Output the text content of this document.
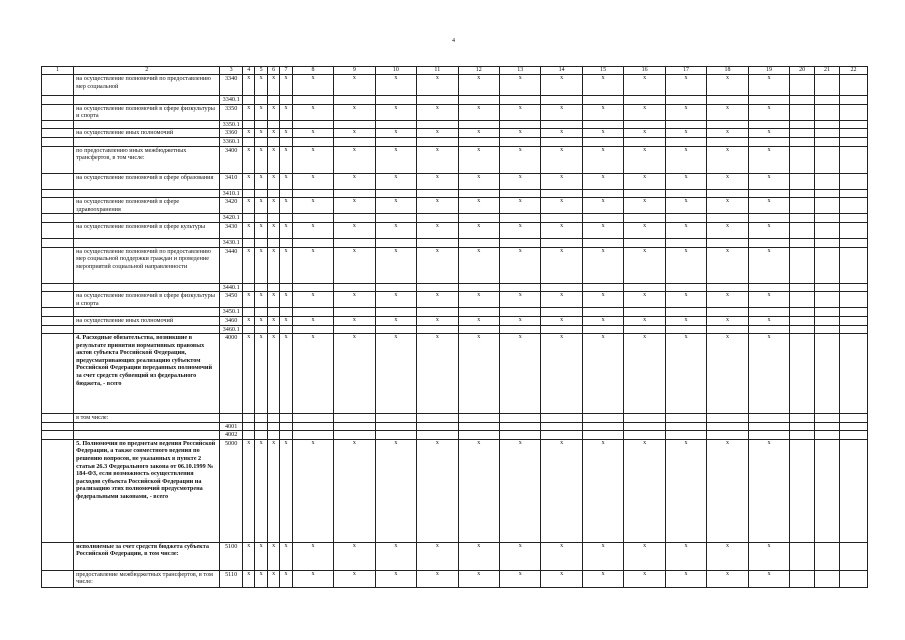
4
1	2	3	4	5	6	7	8	9	10	11	12	13	14	15	16	17	18	19	20	21	22
	на осуществление полномочий по предоставлению мер социальной	3340	x	x	x	x	x	x	x	x	x	x	x	x	x	x	x	x			
		3340.1																			
	на осуществление полномочий в сфере физкультуры и спорта	3350	x	x	x	x	x	x	x	x	x	x	x	x	x	x	x	x			
		3350.1																			
	на осуществление иных полномочий	3360	x	x	x	x	x	x	x	x	x	x	x	x	x	x	x	x			
		3360.1																			
	по предоставлению иных межбюджетных трансфертов, в том числе:	3400	x	x	x	x	x	x	x	x	x	x	x	x	x	x	x	x			
	на осуществление полномочий в сфере образования	3410	x	x	x	x	x	x	x	x	x	x	x	x	x	x	x	x			
		3410.1																			
	на осуществление полномочий в сфере здравоохранения	3420	x	x	x	x	x	x	x	x	x	x	x	x	x	x	x	x			
		3420.1																			
	на осуществление полномочий в сфере культуры	3430	x	x	x	x	x	x	x	x	x	x	x	x	x	x	x	x			
		3430.1																			
	на осуществление полномочий по предоставлению мер социальной поддержки граждан и проведение мероприятий социальной направленности	3440	x	x	x	x	x	x	x	x	x	x	x	x	x	x	x	x			
		3440.1																			
	на осуществление полномочий в сфере физкультуры и спорта	3450	x	x	x	x	x	x	x	x	x	x	x	x	x	x	x	x			
		3450.1																			
	на осуществление иных полномочий	3460	x	x	x	x	x	x	x	x	x	x	x	x	x	x	x	x			
		3460.1																			
	4. Расходные обязательства, возникшие в результате принятия нормативных правовых актов субъекта Российской Федерации, предусматривающих реализацию субъектом Российской Федерации переданных полномочий за счет средств субвенций из федерального бюджета, - всего	4000	x	x	x	x	x	x	x	x	x	x	x	x	x	x	x	x			
	в том числе:																				
		4001																			
		4002																			
	5. Полномочия по предметам ведения Российской Федерации, а также совместного ведения по решению вопросов, не указанных в пункте 2 статьи 26.3 Федерального закона от 06.10.1999 № 184-ФЗ, если возможность осуществления расходов субъекта Российской Федерации на реализацию этих полномочий предусмотрена федеральными законами, - всего	5000	x	x	x	x	x	x	x	x	x	x	x	x	x	x	x	x			
	исполняемые за счет средств бюджета субъекта Российской Федерации, в том числе:	5100	x	x	x	x	x	x	x	x	x	x	x	x	x	x	x	x			
	предоставление межбюджетных трансфертов, в том числе:	5110	x	x	x	x	x	x	x	x	x	x	x	x	x	x	x	x			
